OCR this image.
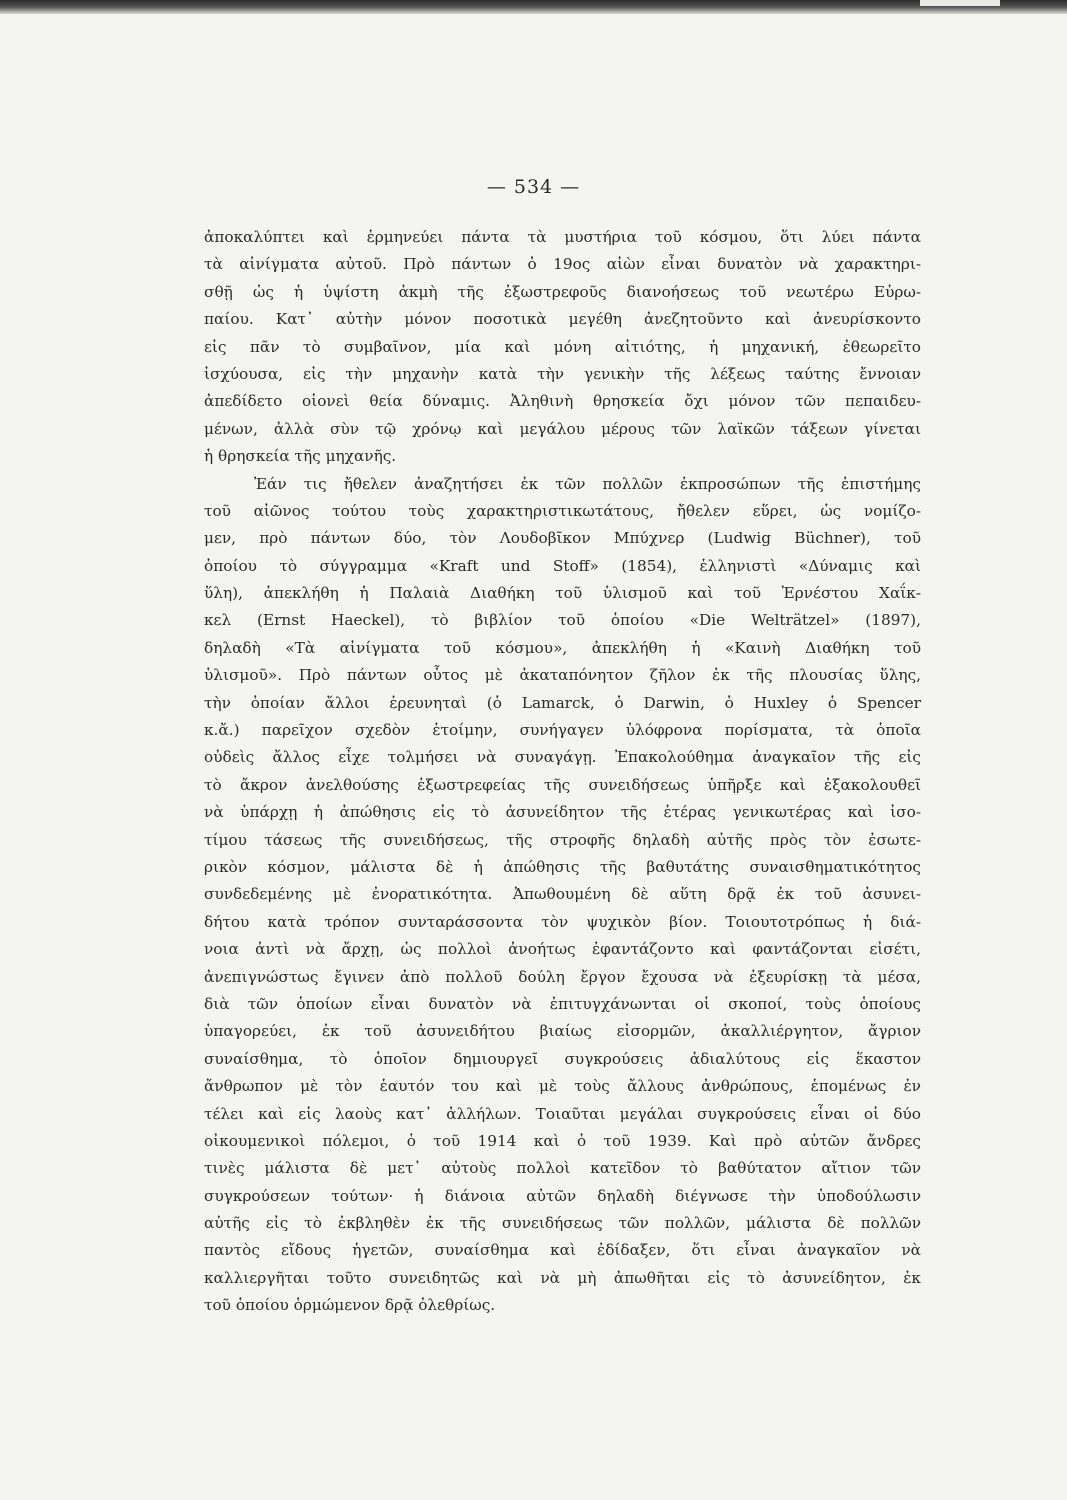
— 534 —
ἀποκαλύπτει καὶ ἑρμηνεύει πάντα τὰ μυστήρια τοῦ κόσμου, ὅτι λύει πάντα
τὰ αἰνίγματα αὐτοῦ. Πρὸ πάντων ὁ 19ος αἰὼν εἶναι δυνατὸν νὰ χαρακτηρι-
σθῇ ὡς ἡ ὑψίστη ἀκμὴ τῆς ἐξωστρεφοῦς διανοήσεως τοῦ νεωτέρω Εὐρω-
παίου. Κατ᾽ αὐτὴν μόνον ποσοτικὰ μεγέθη ἀνεζητοῦντο καὶ ἀνευρίσκοντο
εἰς πᾶν τὸ συμβαῖνον, μία καὶ μόνη αἰτιότης, ἡ μηχανική, ἐθεωρεῖτο
ἰσχύουσα, εἰς τὴν μηχανὴν κατὰ τὴν γενικὴν τῆς λέξεως ταύτης ἔννοιαν
ἀπεδίδετο οἱονεὶ θεία δύναμις. Ἀληθινὴ θρησκεία ὄχι μόνον τῶν πεπαιδευ-
μένων, ἀλλὰ σὺν τῷ χρόνῳ καὶ μεγάλου μέρους τῶν λαϊκῶν τάξεων γίνεται
ἡ θρησκεία τῆς μηχανῆς.
Ἐάν τις ἤθελεν ἀναζητήσει ἐκ τῶν πολλῶν ἐκπροσώπων τῆς ἐπιστήμης
τοῦ αἰῶνος τούτου τοὺς χαρακτηριστικωτάτους, ἤθελεν εὕρει, ὡς νομίζο-
μεν, πρὸ πάντων δύο, τὸν Λουδοβῖκον Μπύχνερ (Ludwig Büchner), τοῦ
ὁποίου τὸ σύγγραμμα «Kraft und Stoff» (1854), ἑλληνιστὶ «Δύναμις καὶ
ὕλη), ἀπεκλήθη ἡ Παλαιὰ Διαθήκη τοῦ ὑλισμοῦ καὶ τοῦ Ἐρνέστου Χαΐκ-
κελ (Ernst Haeckel), τὸ βιβλίον τοῦ ὁποίου «Die Welträtzel» (1897),
δηλαδὴ «Τὰ αἰνίγματα τοῦ κόσμου», ἀπεκλήθη ἡ «Καινὴ Διαθήκη τοῦ
ὑλισμοῦ». Πρὸ πάντων οὗτος μὲ ἀκαταπόνητον ζῆλον ἐκ τῆς πλουσίας ὕλης,
τὴν ὁποίαν ἄλλοι ἐρευνηταὶ (ὁ Lamarck, ὁ Darwin, ὁ Huxley ὁ Spencer
κ.ἄ.) παρεῖχον σχεδὸν ἑτοίμην, συνήγαγεν ὑλόφρονα πορίσματα, τὰ ὁποῖα
οὐδεὶς ἄλλος εἶχε τολμήσει νὰ συναγάγῃ. Ἐπακολούθημα ἀναγκαῖον τῆς εἰς
τὸ ἄκρον ἀνελθούσης ἐξωστρεφείας τῆς συνειδήσεως ὑπῆρξε καὶ ἐξακολουθεῖ
νὰ ὑπάρχῃ ἡ ἀπώθησις εἰς τὸ ἀσυνείδητον τῆς ἑτέρας γενικωτέρας καὶ ἰσο-
τίμου τάσεως τῆς συνειδήσεως, τῆς στροφῆς δηλαδὴ αὐτῆς πρὸς τὸν ἐσωτε-
ρικὸν κόσμον, μάλιστα δὲ ἡ ἀπώθησις τῆς βαθυτάτης συναισθηματικότητος
συνδεδεμένης μὲ ἐνορατικότητα. Ἀπωθουμένη δὲ αὕτη δρᾷ ἐκ τοῦ ἀσυνει-
δήτου κατὰ τρόπον συνταράσσοντα τὸν ψυχικὸν βίον. Τοιουτοτρόπως ἡ διά-
νοια ἀντὶ νὰ ἄρχῃ, ὡς πολλοὶ ἀνοήτως ἐφαντάζοντο καὶ φαντάζονται εἰσέτι,
ἀνεπιγνώστως ἔγινεν ἀπὸ πολλοῦ δούλη ἔργον ἔχουσα νὰ ἐξευρίσκῃ τὰ μέσα,
διὰ τῶν ὁποίων εἶναι δυνατὸν νὰ ἐπιτυγχάνωνται οἱ σκοποί, τοὺς ὁποίους
ὑπαγορεύει, ἐκ τοῦ ἀσυνειδήτου βιαίως εἰσορμῶν, ἀκαλλιέργητον, ἄγριον
συναίσθημα, τὸ ὁποῖον δημιουργεῖ συγκρούσεις ἀδιαλύτους εἰς ἕκαστον
ἄνθρωπον μὲ τὸν ἑαυτόν του καὶ μὲ τοὺς ἄλλους ἀνθρώπους, ἑπομένως ἐν
τέλει καὶ εἰς λαοὺς κατ᾽ ἀλλήλων. Τοιαῦται μεγάλαι συγκρούσεις εἶναι οἱ δύο
οἰκουμενικοὶ πόλεμοι, ὁ τοῦ 1914 καὶ ὁ τοῦ 1939. Καὶ πρὸ αὐτῶν ἄνδρες
τινὲς μάλιστα δὲ μετ᾽ αὐτοὺς πολλοὶ κατεῖδον τὸ βαθύτατον αἴτιον τῶν
συγκρούσεων τούτων· ἡ διάνοια αὐτῶν δηλαδὴ διέγνωσε τὴν ὑποδούλωσιν
αὐτῆς εἰς τὸ ἐκβληθὲν ἐκ τῆς συνειδήσεως τῶν πολλῶν, μάλιστα δὲ πολλῶν
παντὸς εἴδους ἡγετῶν, συναίσθημα καὶ ἐδίδαξεν, ὅτι εἶναι ἀναγκαῖον νὰ
καλλιεργῆται τοῦτο συνειδητῶς καὶ νὰ μὴ ἀπωθῆται εἰς τὸ ἀσυνείδητον, ἐκ
τοῦ ὁποίου ὁρμώμενον δρᾷ ὀλεθρίως.
